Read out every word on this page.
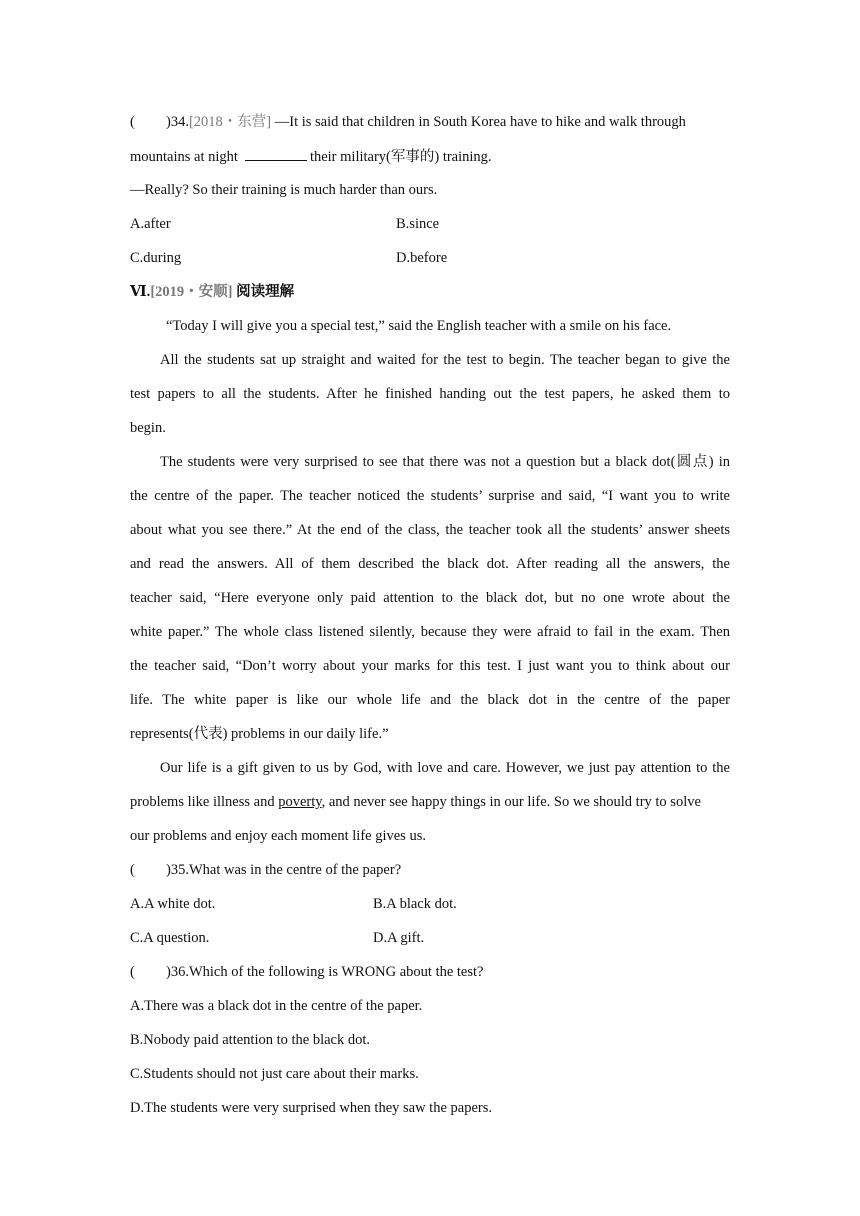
( )34.[2018・东营] —It is said that children in South Korea have to hike and walk through
mountains at night	their military(军事的) training.
—Really? So their training is much harder than ours.
A.after	B.since
C.during	D.before
Ⅵ.[2019・安顺] 阅读理解
“Today I will give you a special test,” said the English teacher with a smile on his face.
All the students sat up straight and waited for the test to begin. The teacher began to give the
test papers to all the students. After he finished handing out the test papers, he asked them to
begin.
The students were very surprised to see that there was not a question but a black dot(圆点) in
the centre of the paper. The teacher noticed the students’ surprise and said, “I want you to write
about what you see there.” At the end of the class, the teacher took all the students’ answer sheets
and read the answers. All of them described the black dot. After reading all the answers, the
teacher said, “Here everyone only paid attention to the black dot, but no one wrote about the
white paper.” The whole class listened silently, because they were afraid to fail in the exam. Then
the teacher said, “Don’t worry about your marks for this test. I just want you to think about our
life. The white paper is like our whole life and the black dot in the centre of the paper
represents(代表) problems in our daily life.”
Our life is a gift given to us by God, with love and care. However, we just pay attention to the
problems like illness and poverty, and never see happy things in our life. So we should try to solve
our problems and enjoy each moment life gives us.
( )35.What was in the centre of the paper?
A.A white dot.	B.A black dot.
C.A question.	D.A gift.
( )36.Which of the following is WRONG about the test?
A.There was a black dot in the centre of the paper.
B.Nobody paid attention to the black dot.
C.Students should not just care about their marks.
D.The students were very surprised when they saw the papers.
